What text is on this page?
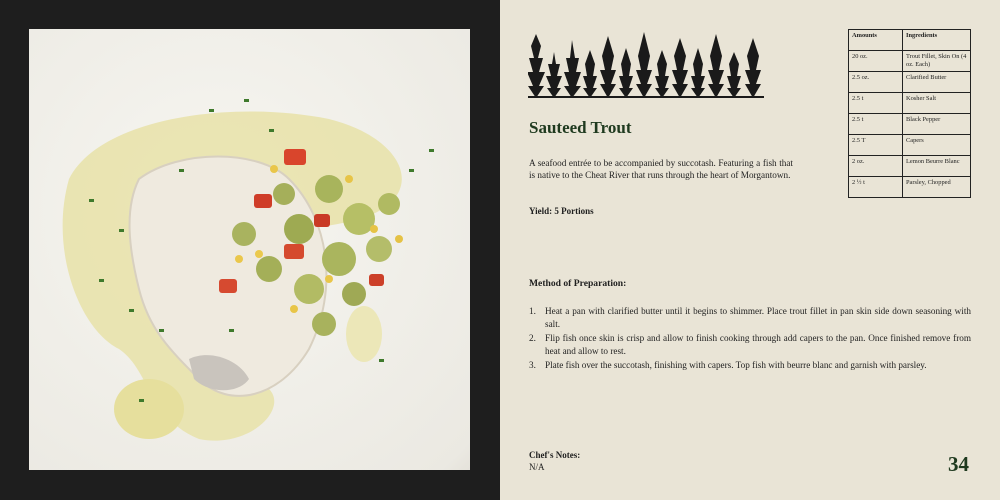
Sauteed Trout
A seafood entrée to be accompanied by succotash. Featuring a fish that is native to the Cheat River that runs through the heart of Morgantown.
Yield: 5 Portions
Amounts	Ingredients
20 oz.	Trout Fillet, Skin On (4 oz. Each)
2.5 oz.	Clarified Butter
2.5 t	Kosher Salt
2.5 t	Black Pepper
2.5 T	Capers
2 oz.	Lemon Beurre Blanc
2 ½ t	Parsley, Chopped
Method of Preparation:
1. Heat a pan with clarified butter until it begins to shimmer. Place trout fillet in pan skin side down seasoning with salt.
2. Flip fish once skin is crisp and allow to finish cooking through add capers to the pan. Once finished remove from heat and allow to rest.
3. Plate fish over the succotash, finishing with capers. Top fish with beurre blanc and garnish with parsley.
Chef's Notes:
N/A	34
